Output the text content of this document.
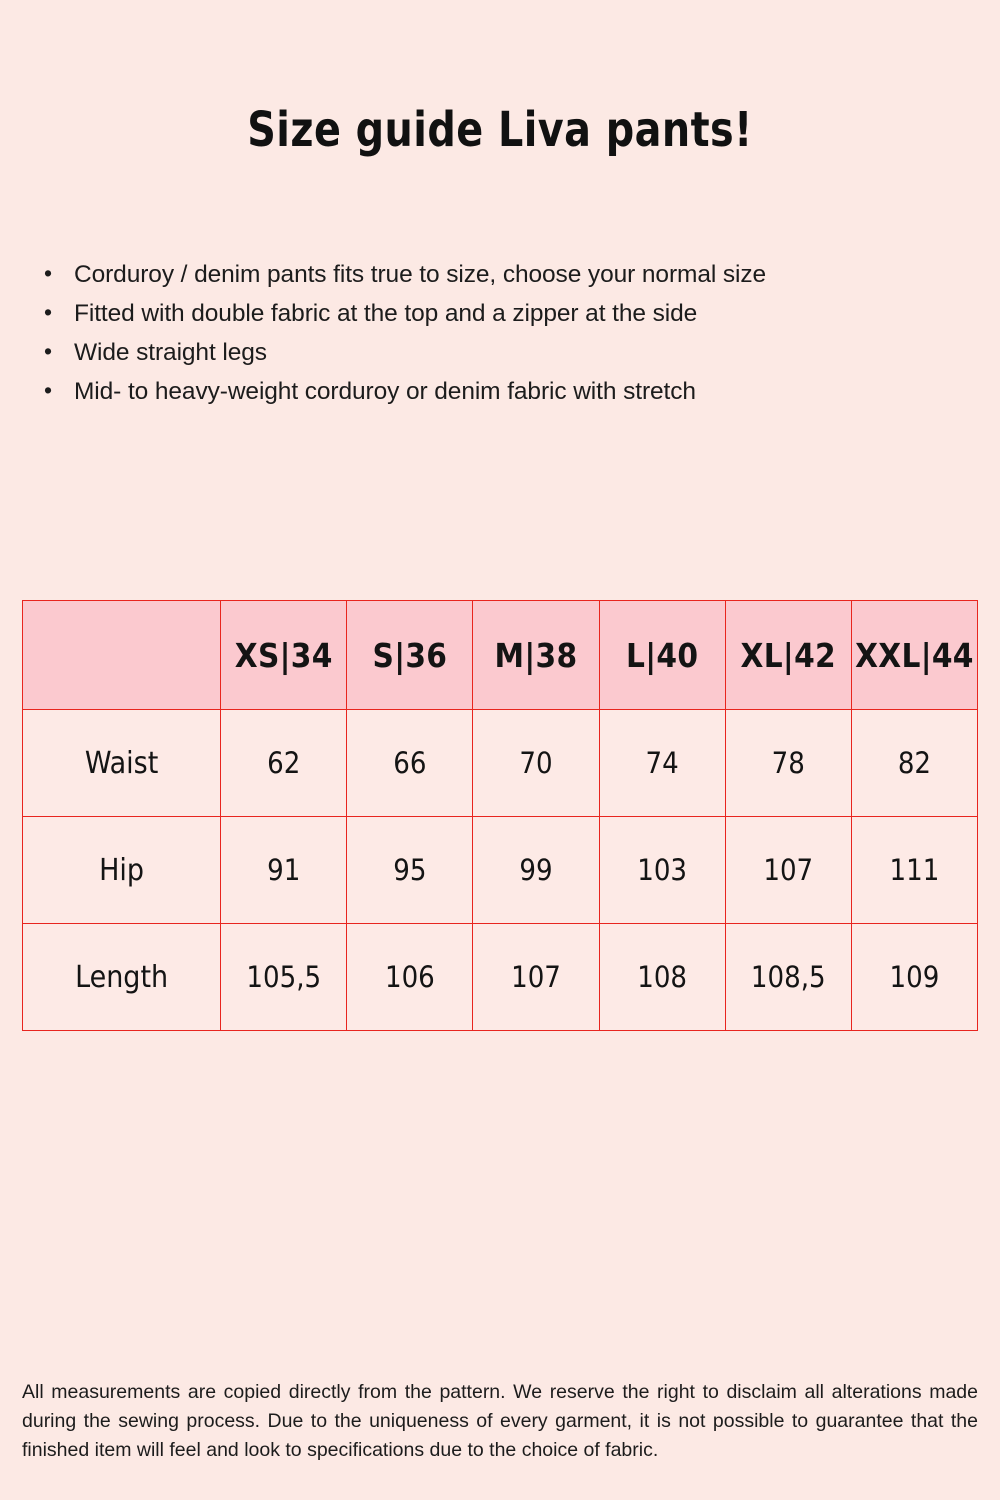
Size guide Liva pants!
• Corduroy / denim pants fits true to size, choose your normal size
• Fitted with double fabric at the top and a zipper at the side
• Wide straight legs
• Mid- to heavy-weight corduroy or denim fabric with stretch
	XS|34	S|36	M|38	L|40	XL|42	XXL|44
Waist	62	66	70	74	78	82
Hip	91	95	99	103	107	111
Length	105,5	106	107	108	108,5	109

All measurements are copied directly from the pattern. We reserve the right to disclaim all alterations made during the sewing process. Due to the uniqueness of every garment, it is not possible to guarantee that the finished item will feel and look to specifications due to the choice of fabric.
